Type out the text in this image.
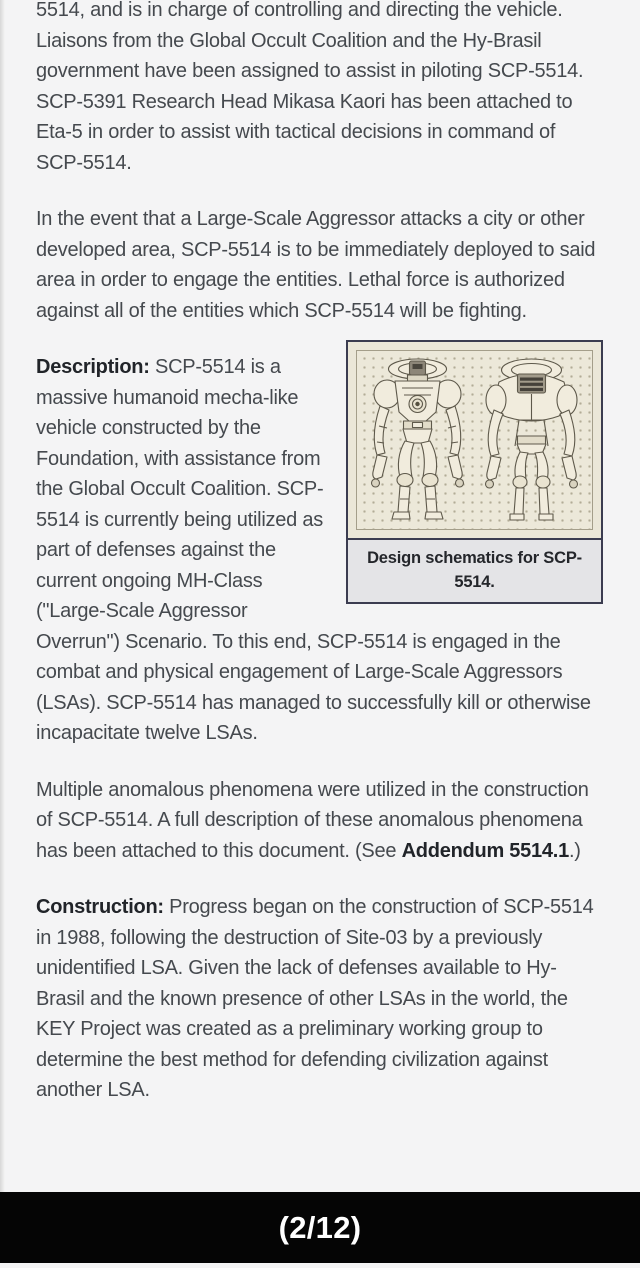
5514, and is in charge of controlling and directing the vehicle. Liaisons from the Global Occult Coalition and the Hy-Brasil government have been assigned to assist in piloting SCP-5514. SCP-5391 Research Head Mikasa Kaori has been attached to Eta-5 in order to assist with tactical decisions in command of SCP-5514.

In the event that a Large-Scale Aggressor attacks a city or other developed area, SCP-5514 is to be immediately deployed to said area in order to engage the entities. Lethal force is authorized against all of the entities which SCP-5514 will be fighting.

Design schematics for SCP-5514.

Description: SCP-5514 is a massive humanoid mecha-like vehicle constructed by the Foundation, with assistance from the Global Occult Coalition. SCP-5514 is currently being utilized as part of defenses against the current ongoing MH-Class ("Large-Scale Aggressor Overrun") Scenario. To this end, SCP-5514 is engaged in the combat and physical engagement of Large-Scale Aggressors (LSAs). SCP-5514 has managed to successfully kill or otherwise incapacitate twelve LSAs.

Multiple anomalous phenomena were utilized in the construction of SCP-5514. A full description of these anomalous phenomena has been attached to this document. (See Addendum 5514.1.)

Construction: Progress began on the construction of SCP-5514 in 1988, following the destruction of Site-03 by a previously unidentified LSA. Given the lack of defenses available to Hy-Brasil and the known presence of other LSAs in the world, the KEY Project was created as a preliminary working group to determine the best method for defending civilization against another LSA.

(2/12)
